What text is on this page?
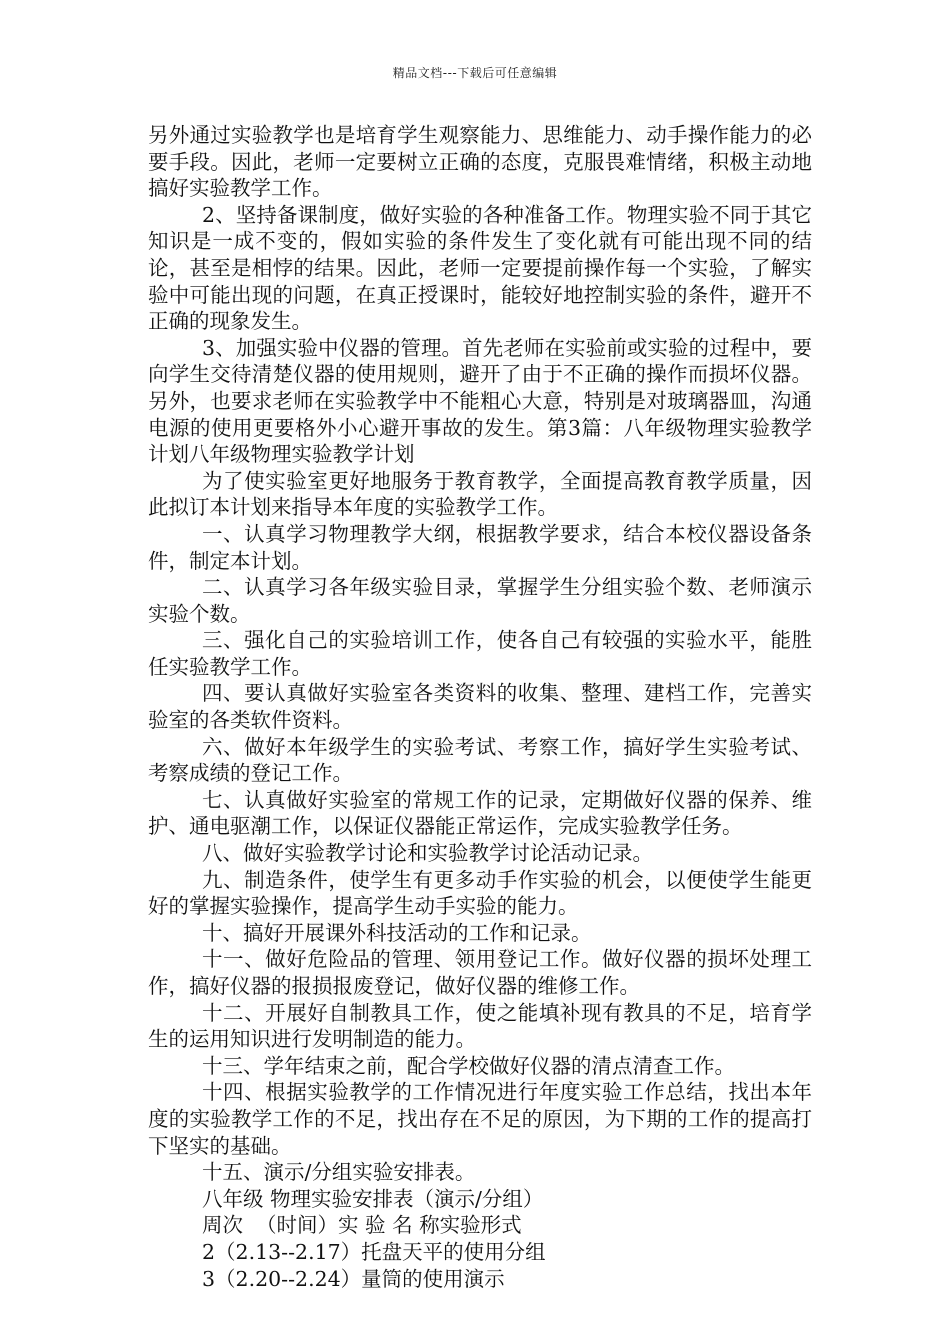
精品文档---下载后可任意编辑

另外通过实验教学也是培育学生观察能力、思维能力、动手操作能力的必要手段。因此，老师一定要树立正确的态度，克服畏难情绪，积极主动地搞好实验教学工作。

2、坚持备课制度，做好实验的各种准备工作。物理实验不同于其它知识是一成不变的，假如实验的条件发生了变化就有可能出现不同的结论，甚至是相悖的结果。因此，老师一定要提前操作每一个实验，了解实验中可能出现的问题，在真正授课时，能较好地控制实验的条件，避开不正确的现象发生。

3、加强实验中仪器的管理。首先老师在实验前或实验的过程中，要向学生交待清楚仪器的使用规则，避开了由于不正确的操作而损坏仪器。另外，也要求老师在实验教学中不能粗心大意，特别是对玻璃器皿，沟通电源的使用更要格外小心避开事故的发生。第3篇：八年级物理实验教学计划八年级物理实验教学计划

为了使实验室更好地服务于教育教学，全面提高教育教学质量，因此拟订本计划来指导本年度的实验教学工作。

一、认真学习物理教学大纲，根据教学要求，结合本校仪器设备条件，制定本计划。

二、认真学习各年级实验目录，掌握学生分组实验个数、老师演示实验个数。

三、强化自己的实验培训工作，使各自己有较强的实验水平，能胜任实验教学工作。

四、要认真做好实验室各类资料的收集、整理、建档工作，完善实验室的各类软件资料。

六、做好本年级学生的实验考试、考察工作，搞好学生实验考试、考察成绩的登记工作。

七、认真做好实验室的常规工作的记录，定期做好仪器的保养、维护、通电驱潮工作，以保证仪器能正常运作，完成实验教学任务。

八、做好实验教学讨论和实验教学讨论活动记录。

九、制造条件，使学生有更多动手作实验的机会，以便使学生能更好的掌握实验操作，提高学生动手实验的能力。

十、搞好开展课外科技活动的工作和记录。

十一、做好危险品的管理、领用登记工作。做好仪器的损坏处理工作，搞好仪器的报损报废登记，做好仪器的维修工作。

十二、开展好自制教具工作，使之能填补现有教具的不足，培育学生的运用知识进行发明制造的能力。

十三、学年结束之前，配合学校做好仪器的清点清查工作。

十四、根据实验教学的工作情况进行年度实验工作总结，找出本年度的实验教学工作的不足，找出存在不足的原因，为下期的工作的提高打下坚实的基础。

十五、演示/分组实验安排表。

八年级 物理实验安排表（演示/分组）

周次  （时间）实 验 名 称实验形式

2（2.13--2.17）托盘天平的使用分组

3（2.20--2.24）量筒的使用演示
